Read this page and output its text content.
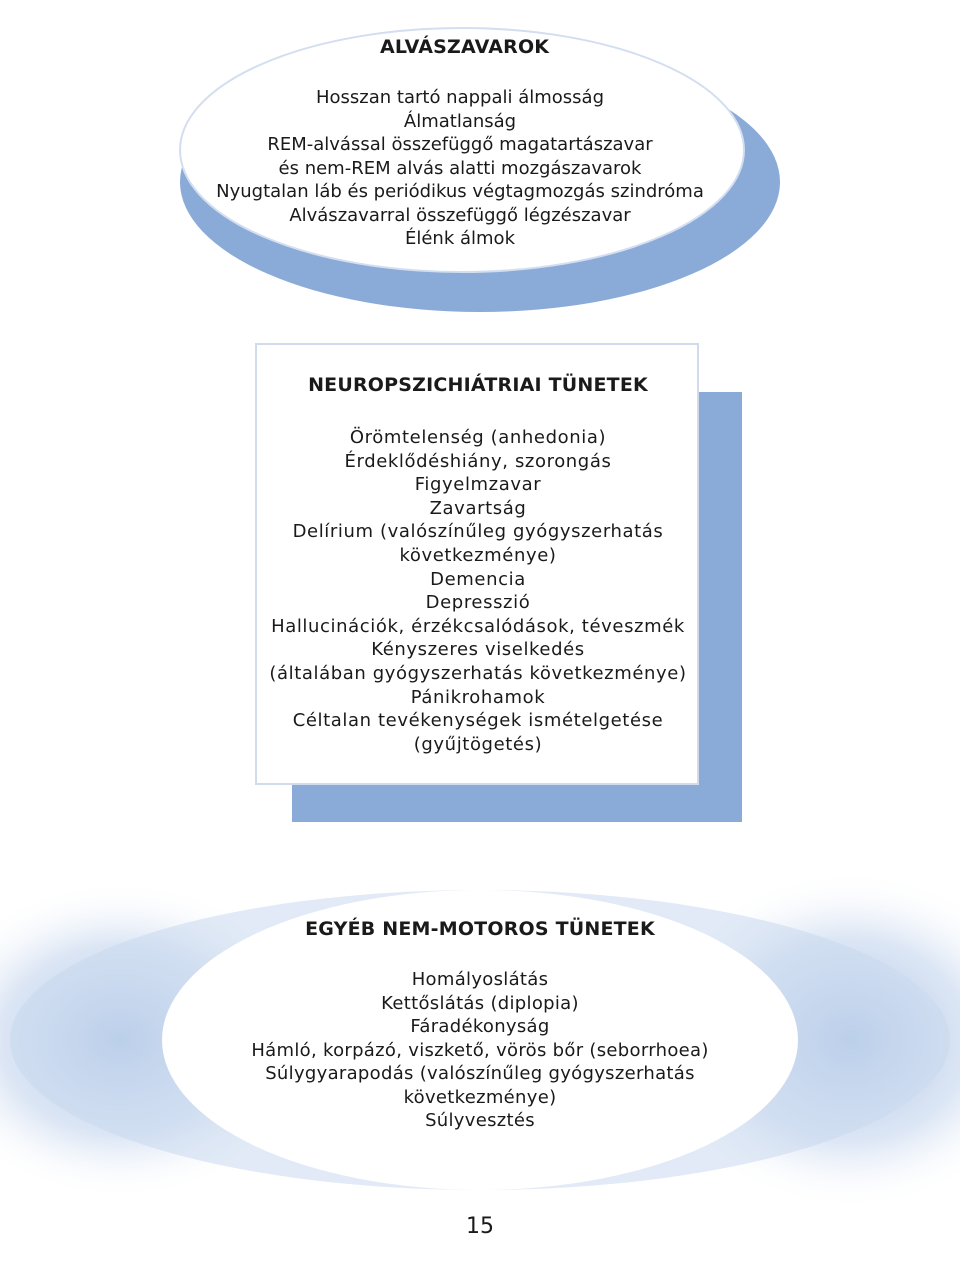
ALVÁSZAVAROK
Hosszan tartó nappali álmosság
Álmatlanság
REM-alvással összefüggő magatartászavar
és nem-REM alvás alatti mozgászavarok
Nyugtalan láb és periódikus végtagmozgás szindróma
Alvászavarral összefüggő légzészavar
Élénk álmok
NEUROPSZICHIÁTRIAI TÜNETEK
Örömtelenség (anhedonia)
Érdeklődéshiány, szorongás
Figyelmzavar
Zavartság
Delírium (valószínűleg gyógyszerhatás
következménye)
Demencia
Depresszió
Hallucinációk, érzékcsalódások, téveszmék
Kényszeres viselkedés
(általában gyógyszerhatás következménye)
Pánikrohamok
Céltalan tevékenységek ismételgetése
(gyűjtögetés)
EGYÉB NEM-MOTOROS TÜNETEK
Homályoslátás
Kettőslátás (diplopia)
Fáradékonyság
Hámló, korpázó, viszkető, vörös bőr (seborrhoea)
Súlygyarapodás (valószínűleg gyógyszerhatás
következménye)
Súlyvesztés
15
